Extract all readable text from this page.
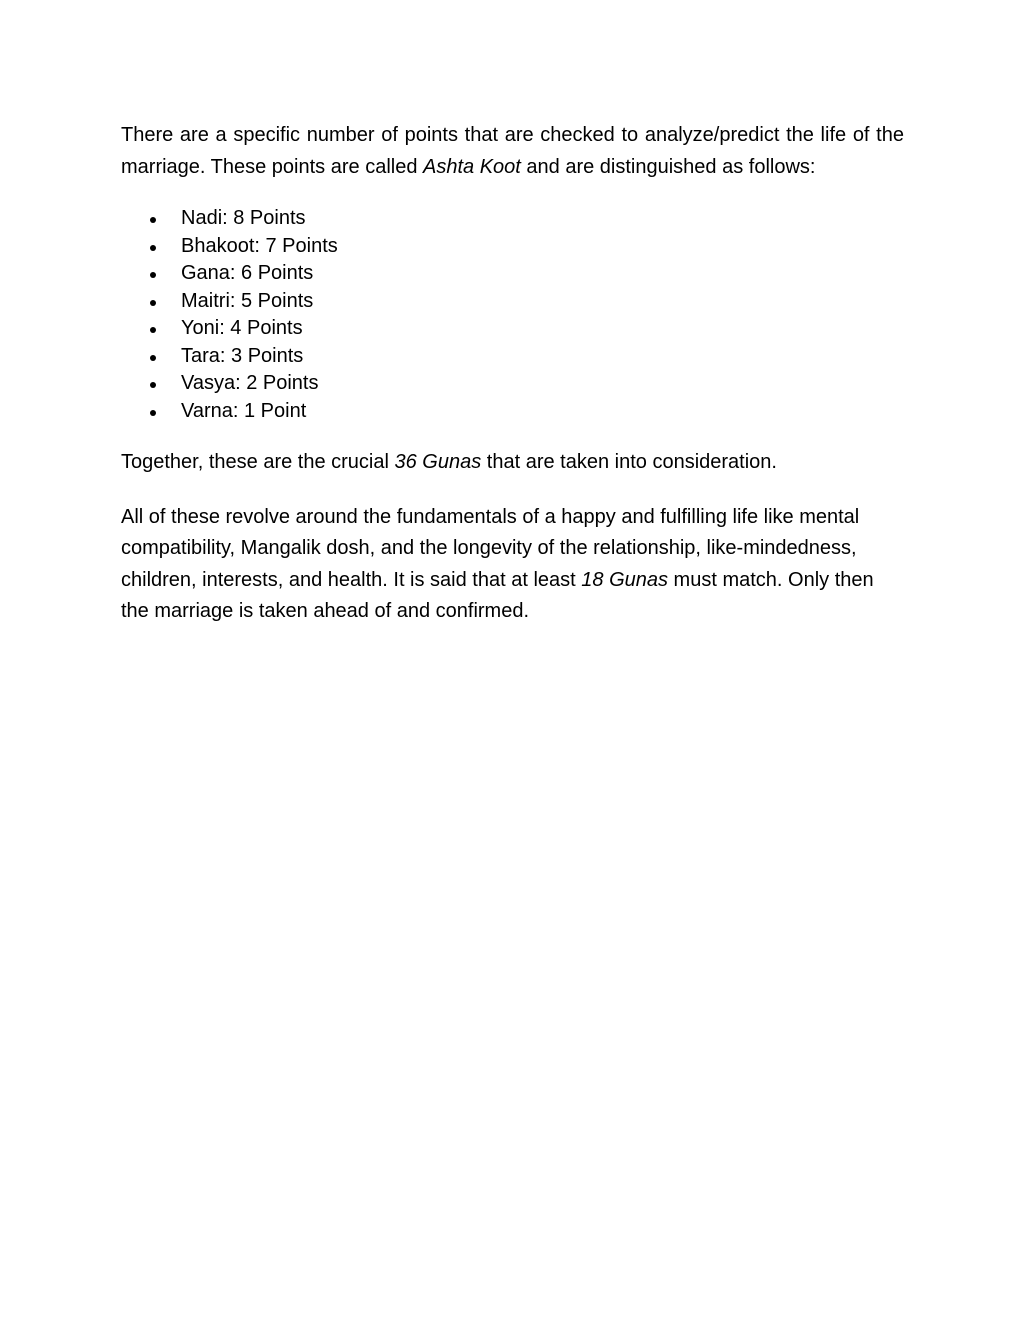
There are a specific number of points that are checked to analyze/predict the life of the marriage. These points are called Ashta Koot and are distinguished as follows:

Nadi: 8 Points
Bhakoot: 7 Points
Gana: 6 Points
Maitri: 5 Points
Yoni: 4 Points
Tara: 3 Points
Vasya: 2 Points
Varna: 1 Point

Together, these are the crucial 36 Gunas that are taken into consideration.

All of these revolve around the fundamentals of a happy and fulfilling life like mental compatibility, Mangalik dosh, and the longevity of the relationship, like-mindedness, children, interests, and health. It is said that at least 18 Gunas must match. Only then the marriage is taken ahead of and confirmed.
